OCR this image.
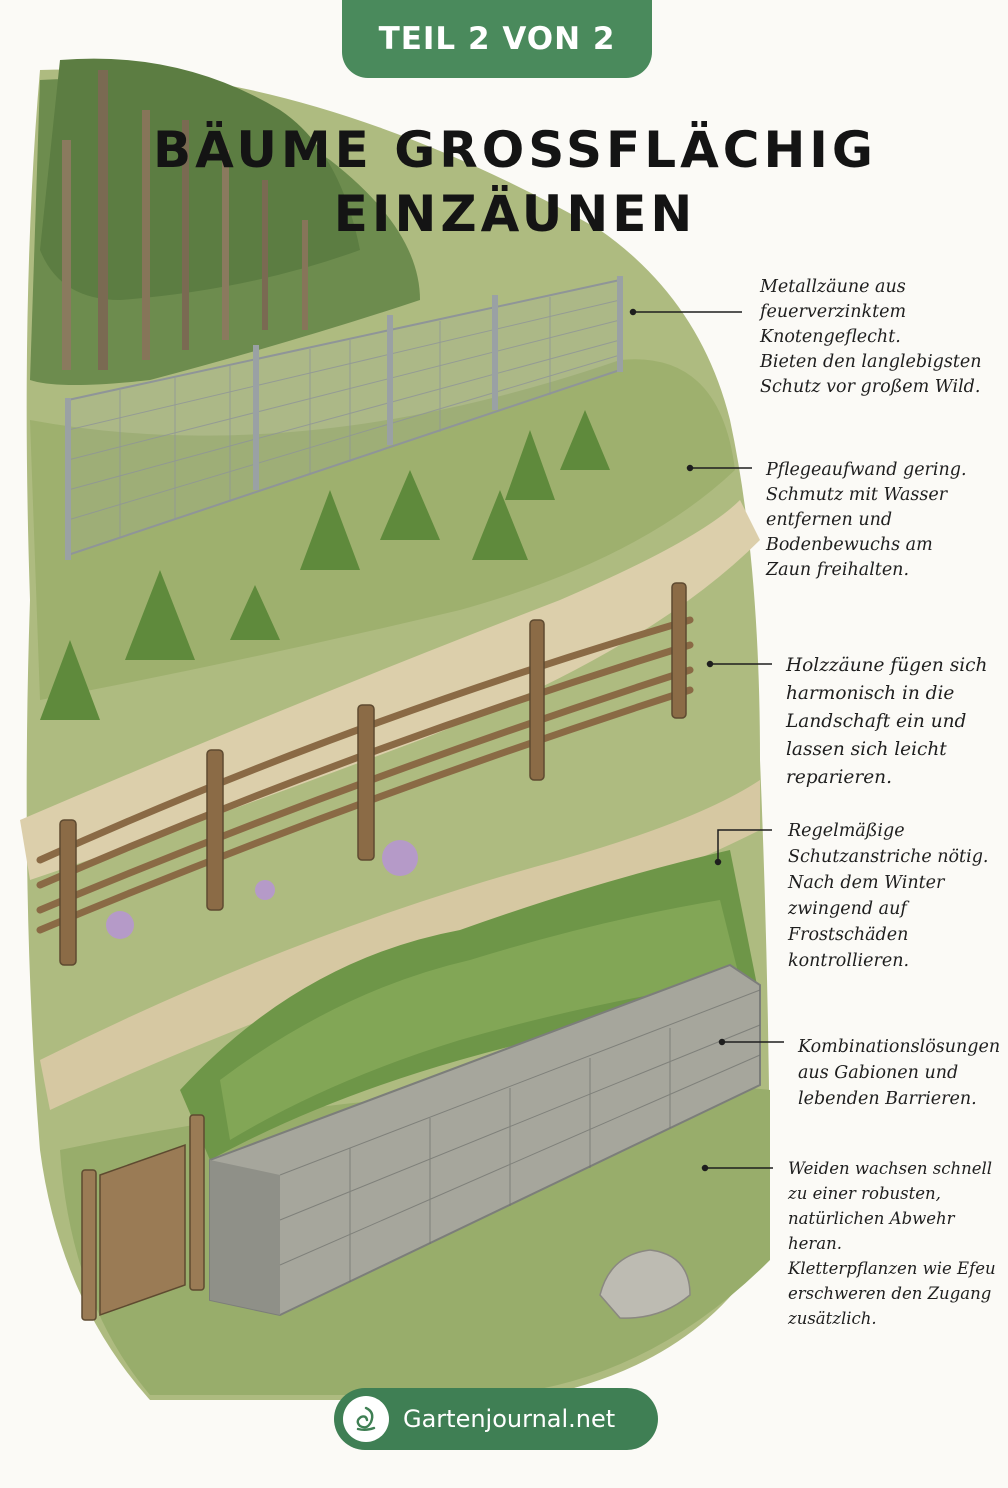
TEIL 2 VON 2
BÄUME GROSSFLÄCHIG
EINZÄUNEN
Metallzäune aus
feuerverzinktem
Knotengeflecht.
Bieten den langlebigsten
Schutz vor großem Wild.
Pflegeaufwand gering.
Schmutz mit Wasser
entfernen und
Bodenbewuchs am
Zaun freihalten.
Holzzäune fügen sich
harmonisch in die
Landschaft ein und
lassen sich leicht
reparieren.
Regelmäßige
Schutzanstriche nötig.
Nach dem Winter
zwingend auf
Frostschäden
kontrollieren.
Kombinationslösungen
aus Gabionen und
lebenden Barrieren.
Weiden wachsen schnell
zu einer robusten,
natürlichen Abwehr heran.
Kletterpflanzen wie Efeu
erschweren den Zugang
zusätzlich.
Gartenjournal.net
